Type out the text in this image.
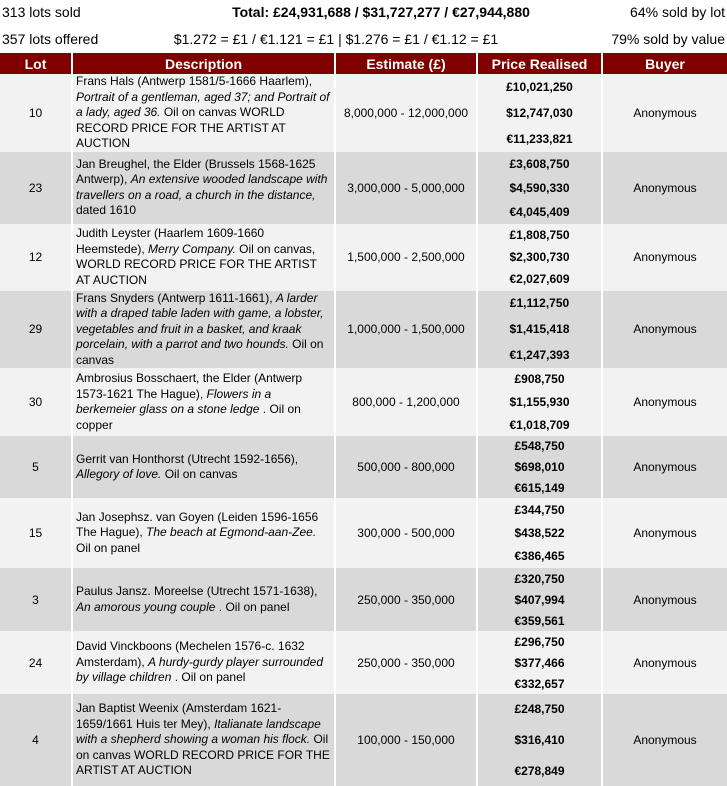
313 lots sold	Total: £24,931,688 / $31,727,277 / €27,944,880	64% sold by lot
357 lots offered	$1.272 = £1 / €1.121 = £1 | $1.276 = £1 / €1.12 = £1	79% sold by value
Lot	Description	Estimate (£)	Price Realised	Buyer
10	Frans Hals (Antwerp 1581/5-1666 Haarlem), Portrait of a gentleman, aged 37; and Portrait of a lady, aged 36. Oil on canvas WORLD RECORD PRICE FOR THE ARTIST AT AUCTION	8,000,000 - 12,000,000	£10,021,250
$12,747,030
€11,233,821	Anonymous
23	Jan Breughel, the Elder (Brussels 1568-1625 Antwerp), An extensive wooded landscape with travellers on a road, a church in the distance, dated 1610	3,000,000 - 5,000,000	£3,608,750
$4,590,330
€4,045,409	Anonymous
12	Judith Leyster (Haarlem 1609-1660 Heemstede), Merry Company. Oil on canvas, WORLD RECORD PRICE FOR THE ARTIST AT AUCTION	1,500,000 - 2,500,000	£1,808,750
$2,300,730
€2,027,609	Anonymous
29	Frans Snyders (Antwerp 1611-1661), A larder with a draped table laden with game, a lobster, vegetables and fruit in a basket, and kraak porcelain, with a parrot and two hounds. Oil on canvas	1,000,000 - 1,500,000	£1,112,750
$1,415,418
€1,247,393	Anonymous
30	Ambrosius Bosschaert, the Elder (Antwerp 1573-1621 The Hague), Flowers in a berkemeier glass on a stone ledge . Oil on copper	800,000 - 1,200,000	£908,750
$1,155,930
€1,018,709	Anonymous
5	Gerrit van Honthorst (Utrecht 1592-1656), Allegory of love. Oil on canvas	500,000 - 800,000	£548,750
$698,010
€615,149	Anonymous
15	Jan Josephsz. van Goyen (Leiden 1596-1656 The Hague), The beach at Egmond-aan-Zee. Oil on panel	300,000 - 500,000	£344,750
$438,522
€386,465	Anonymous
3	Paulus Jansz. Moreelse (Utrecht 1571-1638), An amorous young couple . Oil on panel	250,000 - 350,000	£320,750
$407,994
€359,561	Anonymous
24	David Vinckboons (Mechelen 1576-c. 1632 Amsterdam), A hurdy-gurdy player surrounded by village children . Oil on panel	250,000 - 350,000	£296,750
$377,466
€332,657	Anonymous
4	Jan Baptist Weenix (Amsterdam 1621-1659/1661 Huis ter Mey), Italianate landscape with a shepherd showing a woman his flock. Oil on canvas WORLD RECORD PRICE FOR THE ARTIST AT AUCTION	100,000 - 150,000	£248,750
$316,410
€278,849	Anonymous
